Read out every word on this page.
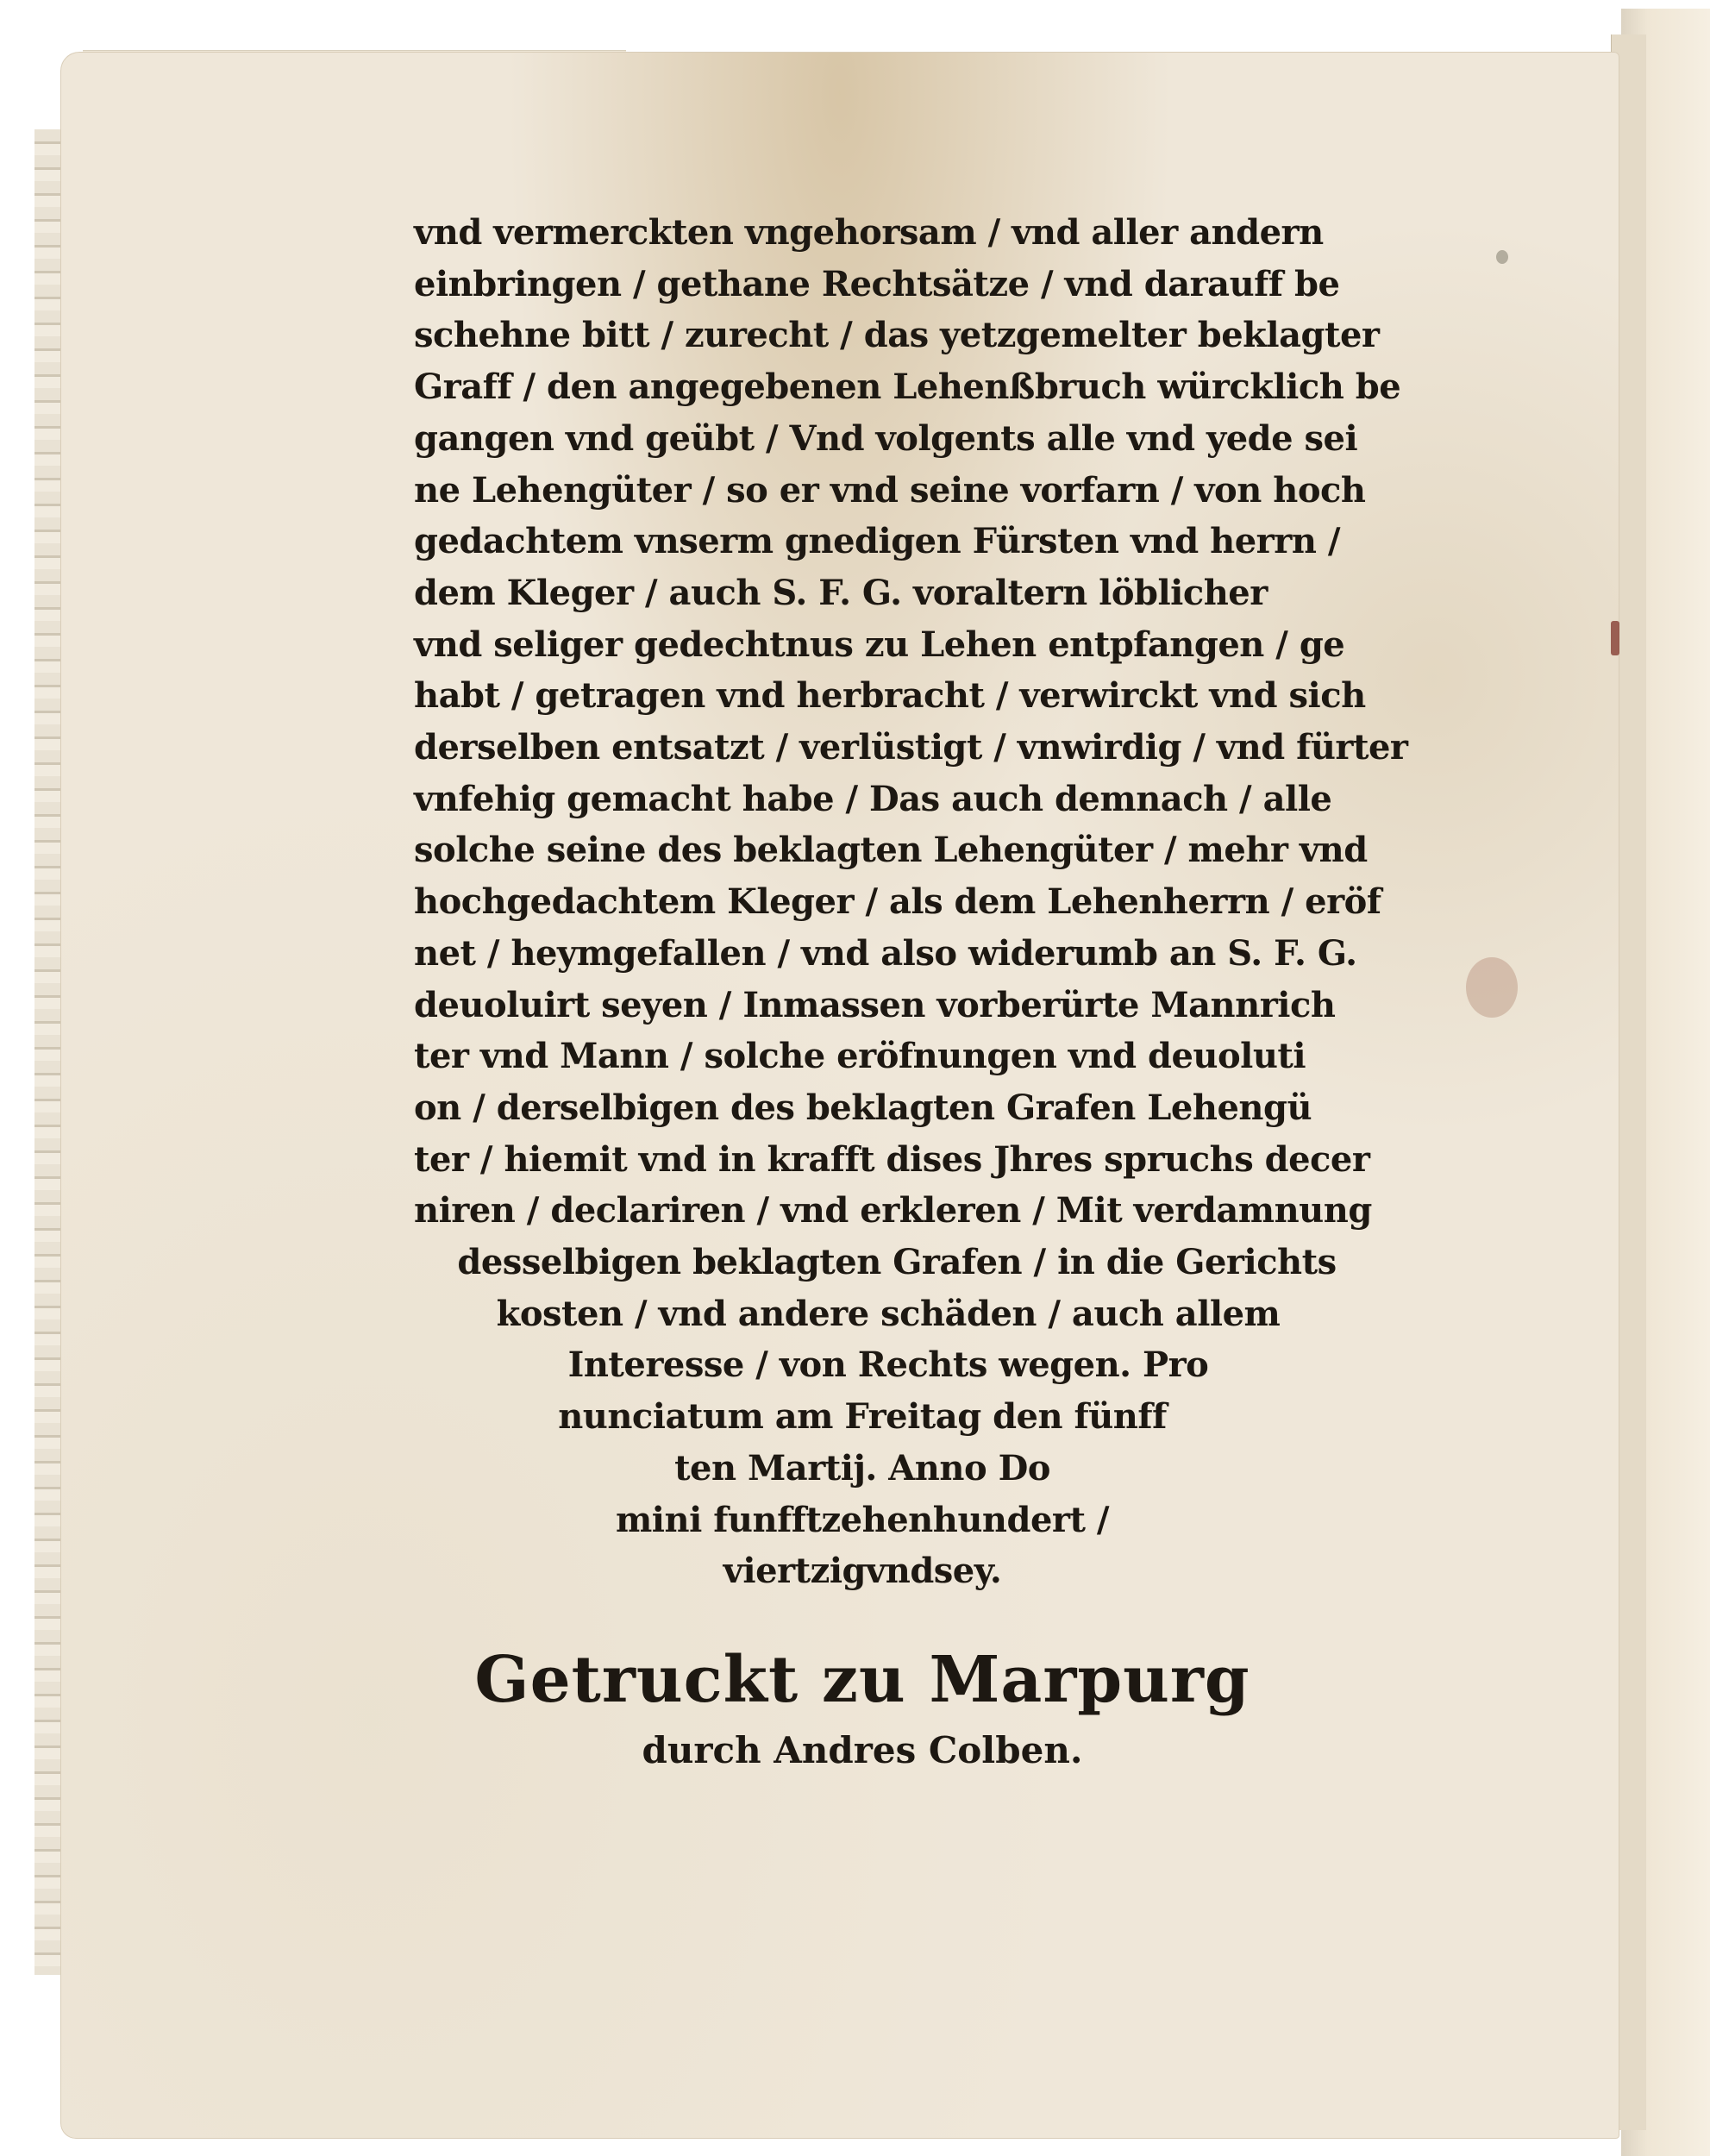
vnd vermerckten vngehorsam / vnd aller andern
einbringen / gethane Rechtsätze / vnd darauff be
schehne bitt / zurecht / das yetzgemelter beklagter
Graff / den angegebenen Lehenßbruch würcklich be
gangen vnd geübt / Vnd volgents alle vnd yede sei
ne Lehengüter / so er vnd seine vorfarn / von hoch
gedachtem vnserm gnedigen Fürsten vnd herrn /
dem Kleger / auch S. F. G. voraltern löblicher
vnd seliger gedechtnus zu Lehen entpfangen / ge
habt / getragen vnd herbracht / verwirckt vnd sich
derselben entsatzt / verlüstigt / vnwirdig / vnd fürter
vnfehig gemacht habe / Das auch demnach / alle
solche seine des beklagten Lehengüter / mehr vnd
hochgedachtem Kleger / als dem Lehenherrn / eröf
net / heymgefallen / vnd also widerumb an S. F. G.
deuoluirt seyen / Inmassen vorberürte Mannrich
ter vnd Mann / solche eröfnungen vnd deuoluti
on / derselbigen des beklagten Grafen Lehengü
ter / hiemit vnd in krafft dises Jhres spruchs decer
niren / declariren / vnd erkleren / Mit verdamnung
desselbigen beklagten Grafen / in die Gerichts
kosten / vnd andere schäden / auch allem
Interesse / von Rechts wegen. Pro
nunciatum am Freitag den fünff
ten Martij. Anno Do
mini funfftzehenhundert /
viertzigvndsey.
Getruckt zu Marpurg
durch Andres Colben.
